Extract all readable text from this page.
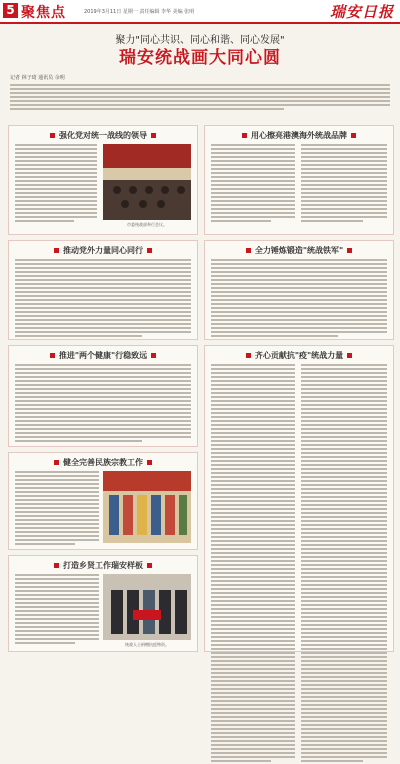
5 聚焦点	2019年3月11日 星期一 责任编辑 李华 美编 张明	瑞安日报
聚力"同心共识、同心和谐、同心发展"
瑞安统战画大同心圆
记者 林子琦 通讯员 余明
强化党对统一战线的领导
市委统战部举行会议。
用心擦亮港澳海外统战品牌
推动党外力量同心同行	全力锤炼锻造"统战铁军"
推进"两个健康"行稳致远	齐心贡献抗"疫"统战力量
健全完善民族宗教工作
打造乡贤工作瑞安样板
统战人士捐赠抗疫物资。
